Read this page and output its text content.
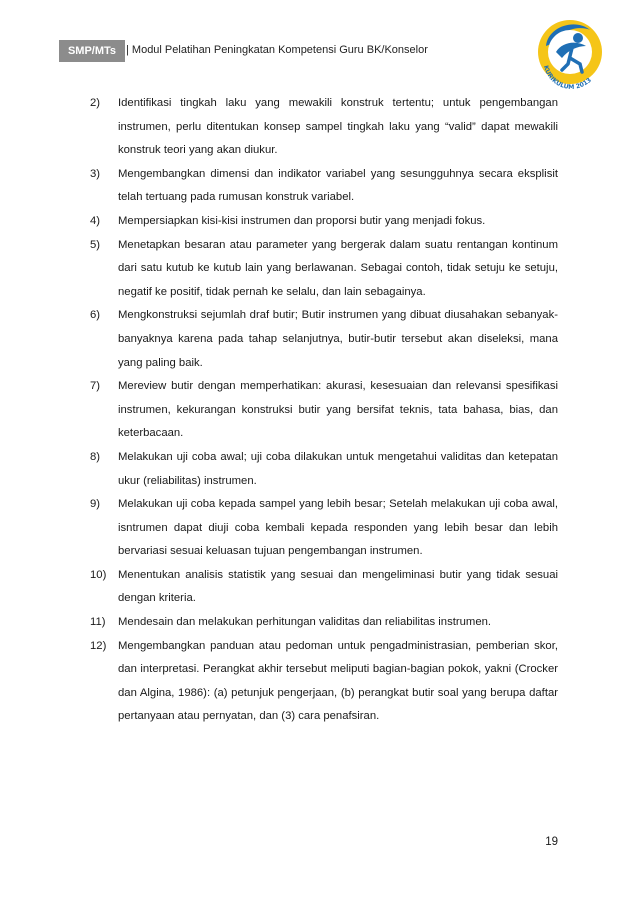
SMP/MTs | Modul Pelatihan Peningkatan Kompetensi Guru BK/Konselor
KURIKULUM 2013
2)	Identifikasi tingkah laku yang mewakili konstruk tertentu; untuk pengembangan instrumen, perlu ditentukan konsep sampel tingkah laku yang “valid” dapat mewakili konstruk teori yang akan diukur.
3)	Mengembangkan dimensi dan indikator variabel yang sesungguhnya secara eksplisit telah tertuang pada rumusan konstruk variabel.
4)	Mempersiapkan kisi-kisi instrumen dan proporsi butir yang menjadi fokus.
5)	Menetapkan besaran atau parameter yang bergerak dalam suatu rentangan kontinum dari satu kutub ke kutub lain yang berlawanan. Sebagai contoh, tidak setuju ke setuju, negatif ke positif, tidak pernah ke selalu, dan lain sebagainya.
6)	Mengkonstruksi sejumlah draf butir; Butir instrumen yang dibuat diusahakan sebanyak-banyaknya karena pada tahap selanjutnya, butir-butir tersebut akan diseleksi, mana yang paling baik.
7)	Mereview butir dengan memperhatikan: akurasi, kesesuaian dan relevansi spesifikasi instrumen, kekurangan konstruksi butir yang bersifat teknis, tata bahasa, bias, dan keterbacaan.
8)	Melakukan uji coba awal; uji coba dilakukan untuk mengetahui validitas dan ketepatan ukur (reliabilitas) instrumen.
9)	Melakukan uji coba kepada sampel yang lebih besar; Setelah melakukan uji coba awal, isntrumen dapat diuji coba kembali kepada responden yang lebih besar dan lebih bervariasi sesuai keluasan tujuan pengembangan instrumen.
10)	Menentukan analisis statistik yang sesuai dan mengeliminasi butir yang tidak sesuai dengan kriteria.
11)	Mendesain dan melakukan perhitungan validitas dan reliabilitas instrumen.
12)	Mengembangkan panduan atau pedoman untuk pengadministrasian, pemberian skor, dan interpretasi. Perangkat akhir tersebut meliputi bagian-bagian pokok, yakni (Crocker dan Algina, 1986): (a) petunjuk pengerjaan, (b) perangkat butir soal yang berupa daftar pertanyaan atau pernyatan, dan (3) cara penafsiran.
19
